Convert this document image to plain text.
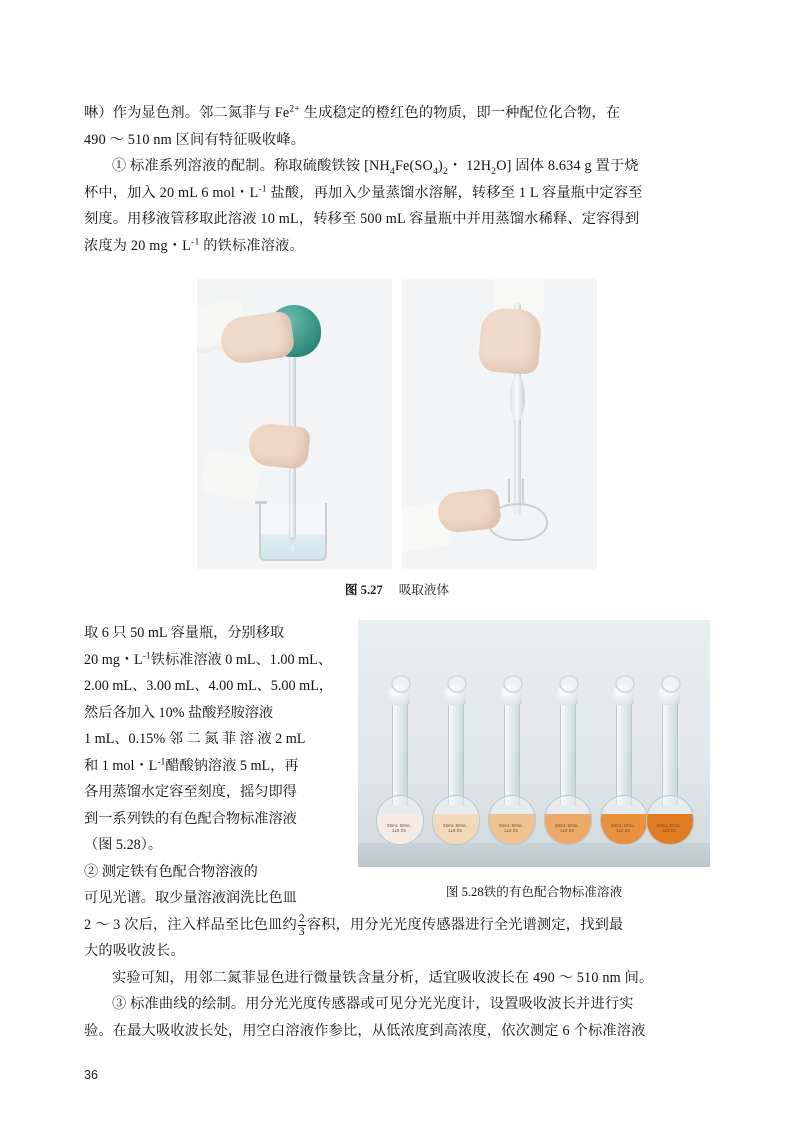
啉）作为显色剂。邻二氮菲与 $Fe^{2+}$ 生成稳定的橙红色的物质，即一种配位化合物，在
490 ～ 510 nm 区间有特征吸收峰。

① 标准系列溶液的配制。称取硫酸铁铵 [$NH_4Fe(SO_4)_2$・ $12H_2O$] 固体 8.634 g 置于烧
杯中，加入 20 mL 6 mol・$L^{-1}$ 盐酸，再加入少量蒸馏水溶解，转移至 1 L 容量瓶中定容至
刻度。用移液管移取此溶液 10 mL，转移至 500 mL 容量瓶中并用蒸馏水稀释、定容得到
浓度为 20 mg・$L^{-1}$ 的铁标准溶液。

图 5.27 吸取液体
取 6 只 50 mL 容量瓶，分别移取
20 mg・$L^{-1}$铁标准溶液 0 mL、1.00 mL、
2.00 mL、3.00 mL、4.00 mL、5.00 mL，
然后各加入 10% 盐酸羟胺溶液
1 mL、0.15% 邻 二 氮 菲 溶 液 2 mL
和 1 mol・$L^{-1}$醋酸钠溶液 5 mL，再
各用蒸馏水定容至刻度，摇匀即得
到一系列铁的有色配合物标准溶液
（图 5.28）。
② 测定铁有色配合物溶液的
可见光谱。取少量溶液润洗比色皿
50mL 50mL
1±0.05
50mL 50mL
1±0.05
50mL 50mL
1±0.05
50mL 50mL
1±0.05
50mL 50mL
1±0.05
50mL 50mL
1±0.05
图 5.28铁的有色配合物标准溶液

2 ～ 3 次后，注入样品至比色皿约 $\frac{2}{3}$ 容积，用分光光度传感器进行全光谱测定，找到最
大的吸收波长。

实验可知，用邻二氮菲显色进行微量铁含量分析，适宜吸收波长在 490 ～ 510 nm 间。

③ 标准曲线的绘制。用分光光度传感器或可见分光光度计，设置吸收波长并进行实
验。在最大吸收波长处，用空白溶液作参比，从低浓度到高浓度，依次测定 6 个标准溶液

36
